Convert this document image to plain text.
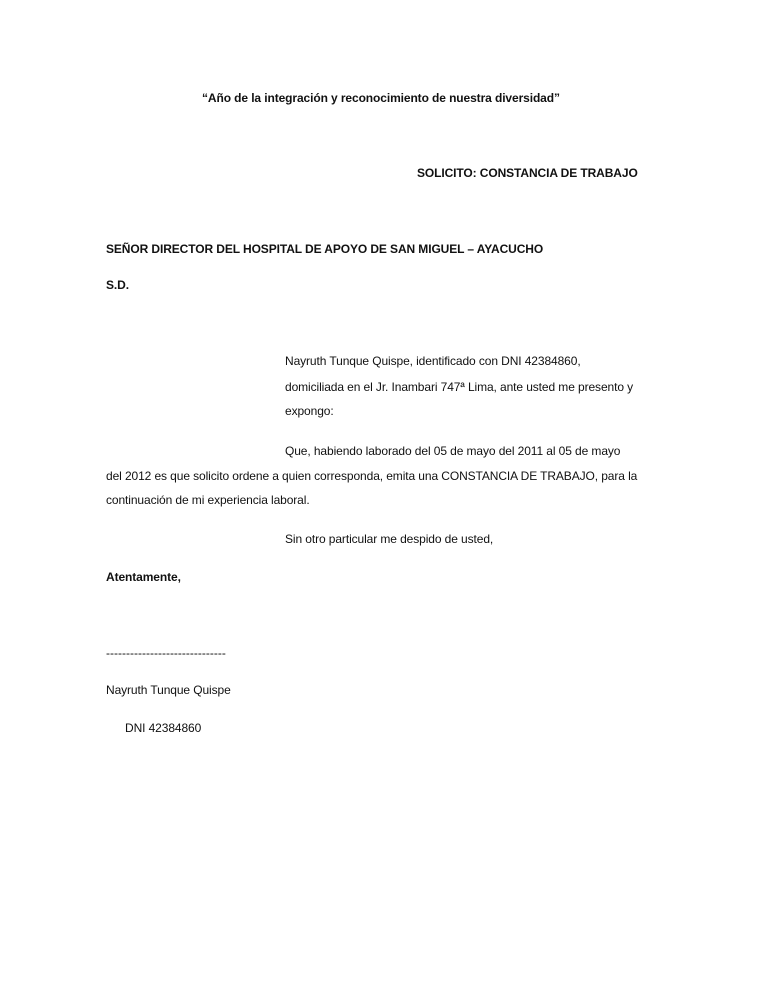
“Año de la integración y reconocimiento de nuestra diversidad”
SOLICITO: CONSTANCIA DE TRABAJO
SEÑOR DIRECTOR DEL HOSPITAL DE APOYO DE SAN MIGUEL – AYACUCHO
S.D.
Nayruth Tunque Quispe, identificado con DNI 42384860,
domiciliada en el Jr. Inambari 747ª Lima, ante usted me presento y
expongo:
Que, habiendo laborado del 05 de mayo del 2011 al 05 de mayo
del 2012 es que solicito ordene a quien corresponda, emita una CONSTANCIA DE TRABAJO, para la
continuación de mi experiencia laboral.
Sin otro particular me despido de usted,
Atentamente,
------------------------------
Nayruth Tunque Quispe
DNI 42384860
